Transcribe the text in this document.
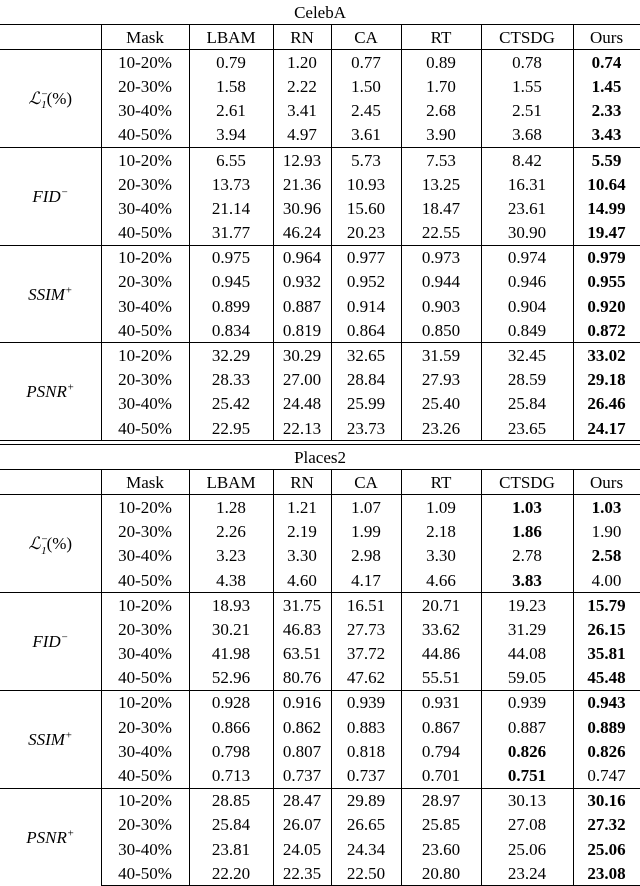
CelebA							
	Mask	LBAM	RN	CA	RT	CTSDG	Ours
ℒ−$_1$(%)	10-20%	0.79	1.20	0.77	0.89	0.78	0.74
	20-30%	1.58	2.22	1.50	1.70	1.55	1.45
	30-40%	2.61	3.41	2.45	2.68	2.51	2.33
	40-50%	3.94	4.97	3.61	3.90	3.68	3.43
FID−	10-20%	6.55	12.93	5.73	7.53	8.42	5.59
	20-30%	13.73	21.36	10.93	13.25	16.31	10.64
	30-40%	21.14	30.96	15.60	18.47	23.61	14.99
	40-50%	31.77	46.24	20.23	22.55	30.90	19.47
SSIM+	10-20%	0.975	0.964	0.977	0.973	0.974	0.979
	20-30%	0.945	0.932	0.952	0.944	0.946	0.955
	30-40%	0.899	0.887	0.914	0.903	0.904	0.920
	40-50%	0.834	0.819	0.864	0.850	0.849	0.872
PSNR+	10-20%	32.29	30.29	32.65	31.59	32.45	33.02
	20-30%	28.33	27.00	28.84	27.93	28.59	29.18
	30-40%	25.42	24.48	25.99	25.40	25.84	26.46
	40-50%	22.95	22.13	23.73	23.26	23.65	24.17

Places2							
	Mask	LBAM	RN	CA	RT	CTSDG	Ours
ℒ−$_1$(%)	10-20%	1.28	1.21	1.07	1.09	1.03	1.03
	20-30%	2.26	2.19	1.99	2.18	1.86	1.90
	30-40%	3.23	3.30	2.98	3.30	2.78	2.58
	40-50%	4.38	4.60	4.17	4.66	3.83	4.00
FID−	10-20%	18.93	31.75	16.51	20.71	19.23	15.79
	20-30%	30.21	46.83	27.73	33.62	31.29	26.15
	30-40%	41.98	63.51	37.72	44.86	44.08	35.81
	40-50%	52.96	80.76	47.62	55.51	59.05	45.48
SSIM+	10-20%	0.928	0.916	0.939	0.931	0.939	0.943
	20-30%	0.866	0.862	0.883	0.867	0.887	0.889
	30-40%	0.798	0.807	0.818	0.794	0.826	0.826
	40-50%	0.713	0.737	0.737	0.701	0.751	0.747
PSNR+	10-20%	28.85	28.47	29.89	28.97	30.13	30.16
	20-30%	25.84	26.07	26.65	25.85	27.08	27.32
	30-40%	23.81	24.05	24.34	23.60	25.06	25.06
	40-50%	22.20	22.35	22.50	20.80	23.24	23.08
